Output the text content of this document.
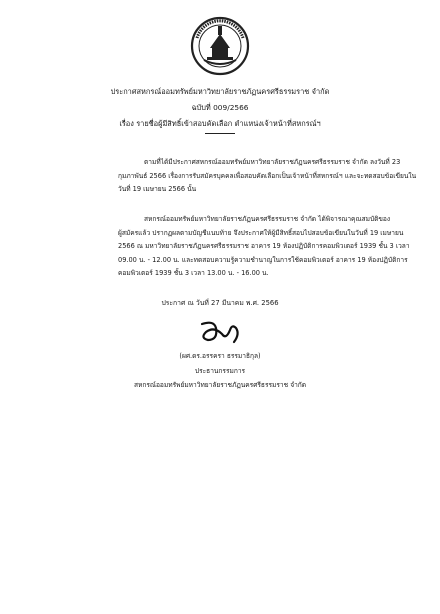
ประกาศสหกรณ์ออมทรัพย์มหาวิทยาลัยราชภัฏนครศรีธรรมราช จำกัด
ฉบับที่ 009/2566
เรื่อง รายชื่อผู้มีสิทธิ์เข้าสอบคัดเลือก ตำแหน่งเจ้าหน้าที่สหกรณ์ฯ
ตามที่ได้มีประกาศสหกรณ์ออมทรัพย์มหาวิทยาลัยราชภัฏนครศรีธรรมราช จำกัด ลงวันที่ 23
กุมภาพันธ์ 2566 เรื่องการรับสมัครบุคคลเพื่อสอบคัดเลือกเป็นเจ้าหน้าที่สหกรณ์ฯ และจะทดสอบข้อเขียนใน
วันที่ 19 เมษายน 2566 นั้น
สหกรณ์ออมทรัพย์มหาวิทยาลัยราชภัฏนครศรีธรรมราช จำกัด ได้พิจารณาคุณสมบัติของ
ผู้สมัครแล้ว ปรากฏผลตามบัญชีแนบท้าย จึงประกาศให้ผู้มีสิทธิ์สอบไปสอบข้อเขียนในวันที่ 19 เมษายน
2566 ณ มหาวิทยาลัยราชภัฏนครศรีธรรมราช อาคาร 19 ห้องปฏิบัติการคอมพิวเตอร์ 1939 ชั้น 3 เวลา
09.00 น. - 12.00 น. และทดสอบความรู้ความชำนาญในการใช้คอมพิวเตอร์ อาคาร 19 ห้องปฏิบัติการ
คอมพิวเตอร์ 1939 ชั้น 3 เวลา 13.00 น. - 16.00 น.
ประกาศ ณ วันที่ 27 มีนาคม พ.ศ. 2566
(ผศ.ดร.อรรครา ธรรมาธิกุล)
ประธานกรรมการ
สหกรณ์ออมทรัพย์มหาวิทยาลัยราชภัฏนครศรีธรรมราช จำกัด
